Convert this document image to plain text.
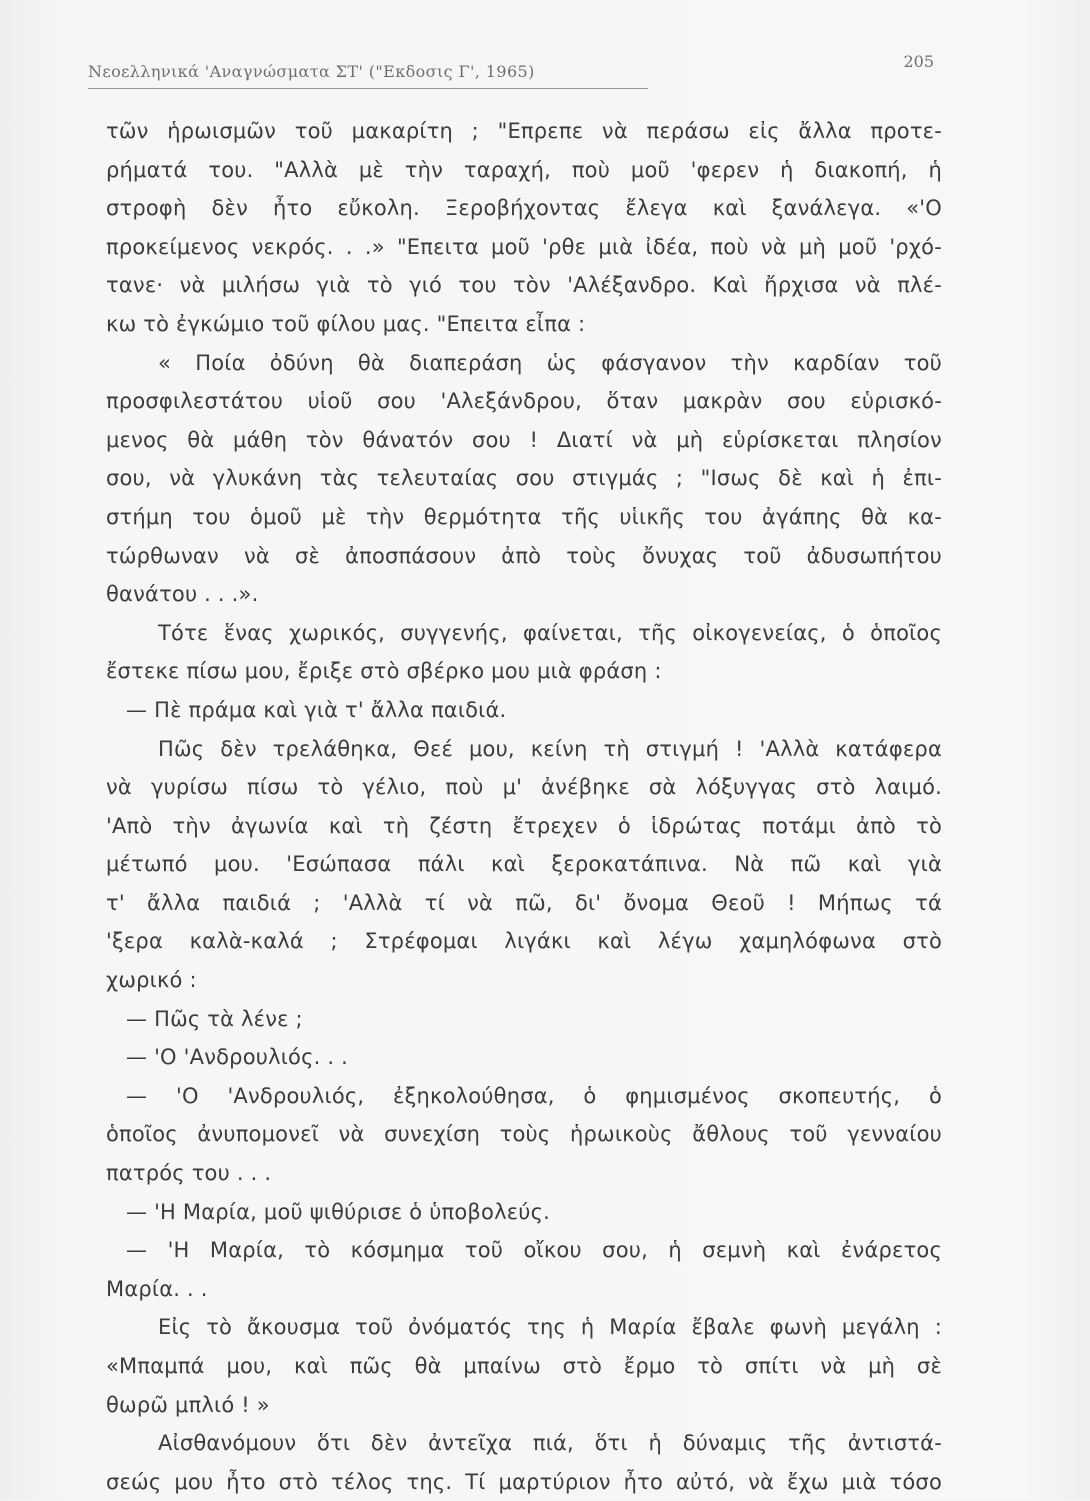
Νεοελληνικά 'Αναγνώσματα ΣΤ' ("Εκδοσις Γ', 1965)
205
τῶν ἡρωισμῶν τοῦ μακαρίτη ; "Επρεπε νὰ περάσω εἰς ἄλλα προτε-
ρήματά του. "Αλλὰ μὲ τὴν ταραχή, ποὺ μοῦ 'φερεν ἡ διακοπή, ἡ
στροφὴ δὲν ἦτο εὔκολη. Ξεροβήχοντας ἔλεγα καὶ ξανάλεγα. «'Ο
προκείμενος νεκρός. . .» "Επειτα μοῦ 'ρθε μιὰ ἰδέα, ποὺ νὰ μὴ μοῦ 'ρχό-
τανε· νὰ μιλήσω γιὰ τὸ γιό του τὸν 'Αλέξανδρο. Καὶ ἤρχισα νὰ πλέ-
κω τὸ ἐγκώμιο τοῦ φίλου μας. "Επειτα εἶπα :
« Ποία ὀδύνη θὰ διαπεράση ὡς φάσγανον τὴν καρδίαν τοῦ
προσφιλεστάτου υἱοῦ σου 'Αλεξάνδρου, ὅταν μακρὰν σου εὑρισκό-
μενος θὰ μάθη τὸν θάνατόν σου ! Διατί νὰ μὴ εὑρίσκεται πλησίον
σου, νὰ γλυκάνη τὰς τελευταίας σου στιγμάς ; "Ισως δὲ καὶ ἡ ἐπι-
στήμη του ὁμοῦ μὲ τὴν θερμότητα τῆς υἱικῆς του ἀγάπης θὰ κα-
τώρθωναν νὰ σὲ ἀποσπάσουν ἀπὸ τοὺς ὄνυχας τοῦ ἀδυσωπήτου
θανάτου . . .».
Τότε ἕνας χωρικός, συγγενής, φαίνεται, τῆς οἰκογενείας, ὁ ὁποῖος
ἔστεκε πίσω μου, ἔριξε στὸ σβέρκο μου μιὰ φράση :
— Πὲ πράμα καὶ γιὰ τ' ἄλλα παιδιά.
Πῶς δὲν τρελάθηκα, Θεέ μου, κείνη τὴ στιγμή ! 'Αλλὰ κατάφερα
νὰ γυρίσω πίσω τὸ γέλιο, ποὺ μ' ἀνέβηκε σὰ λόξυγγας στὸ λαιμό.
'Απὸ τὴν ἀγωνία καὶ τὴ ζέστη ἔτρεχεν ὁ ἱδρώτας ποτάμι ἀπὸ τὸ
μέτωπό μου. 'Εσώπασα πάλι καὶ ξεροκατάπινα. Νὰ πῶ καὶ γιὰ
τ' ἄλλα παιδιά ; 'Αλλὰ τί νὰ πῶ, δι' ὄνομα Θεοῦ ! Μήπως τά
'ξερα καλὰ-καλά ; Στρέφομαι λιγάκι καὶ λέγω χαμηλόφωνα στὸ
χωρικό :
— Πῶς τὰ λένε ;
— 'Ο 'Ανδρουλιός. . .
— 'Ο 'Ανδρουλιός, ἐξηκολούθησα, ὁ φημισμένος σκοπευτής, ὁ
ὁποῖος ἀνυπομονεῖ νὰ συνεχίση τοὺς ἡρωικοὺς ἄθλους τοῦ γενναίου
πατρός του . . .
— 'Η Μαρία, μοῦ ψιθύρισε ὁ ὑποβολεύς.
— 'Η Μαρία, τὸ κόσμημα τοῦ οἴκου σου, ἡ σεμνὴ καὶ ἐνάρετος
Μαρία. . .
Εἰς τὸ ἄκουσμα τοῦ ὀνόματός της ἡ Μαρία ἔβαλε φωνὴ μεγάλη :
«Μπαμπά μου, καὶ πῶς θὰ μπαίνω στὸ ἔρμο τὸ σπίτι νὰ μὴ σὲ
θωρῶ μπλιό ! »
Αἰσθανόμουν ὅτι δὲν ἀντεῖχα πιά, ὅτι ἡ δύναμις τῆς ἀντιστά-
σεώς μου ἦτο στὸ τέλος της. Τί μαρτύριον ἦτο αὐτό, νὰ ἔχω μιὰ τόσο
